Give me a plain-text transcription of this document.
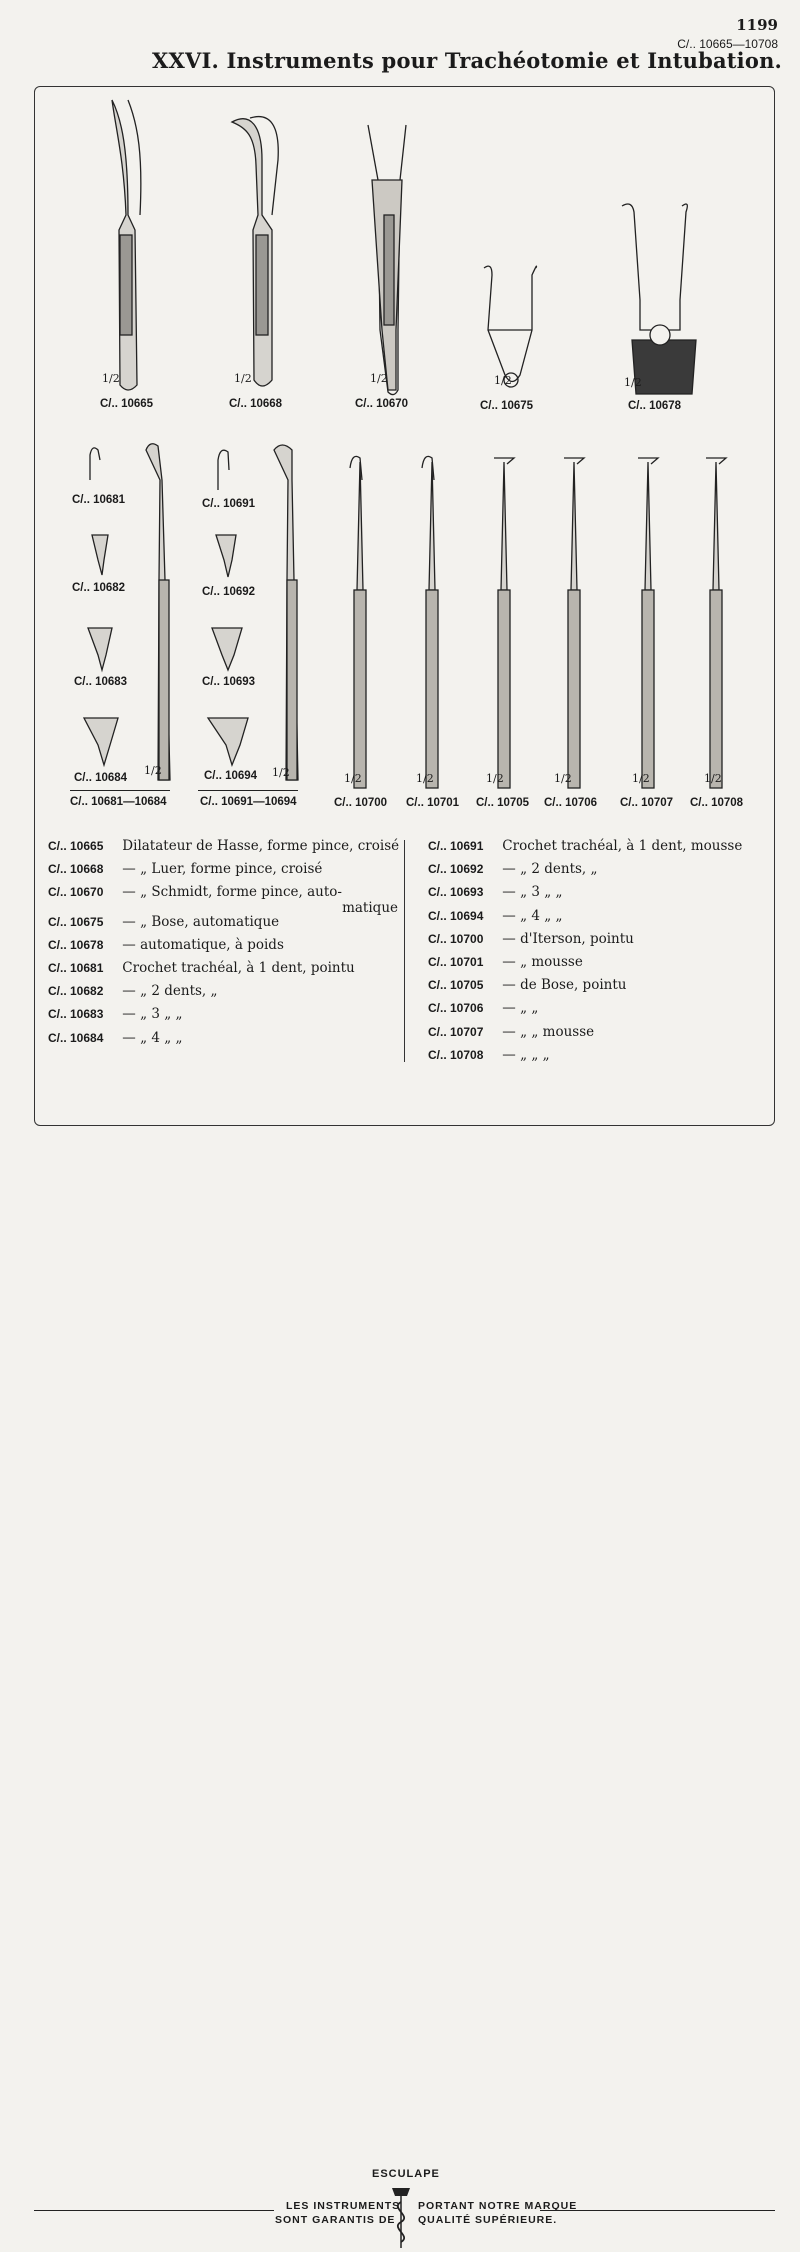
1199
C/.. 10665—10708
XXVI. Instruments pour Trachéotomie et Intubation.
C/.. 10665	C/.. 10668	C/.. 10670	C/.. 10675	C/.. 10678
1/2	1/2	1/2	1/2	1/2
C/.. 10681
C/.. 10682
C/.. 10683
C/.. 10684
C/.. 10691
C/.. 10692
C/.. 10693
C/.. 10694
1/2	1/2
C/.. 10681—10684	C/.. 10691—10694	C/.. 10700 C/.. 10701 C/.. 10705 C/.. 10706 C/.. 10707 C/.. 10708
1/2	1/2	1/2	1/2	1/2	1/2
C/.. 10665 Dilatateur de Hasse, forme pince, croisé
C/.. 10668 — „ Luer, forme pince, croisé
C/.. 10670 — „ Schmidt, forme pince, auto-
matique
C/.. 10675 — „ Bose, automatique
C/.. 10678 — automatique, à poids
C/.. 10681 Crochet trachéal, à 1 dent, pointu
C/.. 10682 — „ 2 dents, „
C/.. 10683 — „ 3 „ „
C/.. 10684 — „ 4 „ „
C/.. 10691 Crochet trachéal, à 1 dent, mousse
C/.. 10692 — „ 2 dents, „
C/.. 10693 — „ 3 „ „
C/.. 10694 — „ 4 „ „
C/.. 10700 — d'Iterson, pointu
C/.. 10701 — „ mousse
C/.. 10705 — de Bose, pointu
C/.. 10706 — „ „
C/.. 10707 — „ „ mousse
C/.. 10708 — „ „ „
ESCULAPE
LES INSTRUMENTS PORTANT NOTRE MARQUE
SONT GARANTIS DE QUALITÉ SUPÉRIEURE.
